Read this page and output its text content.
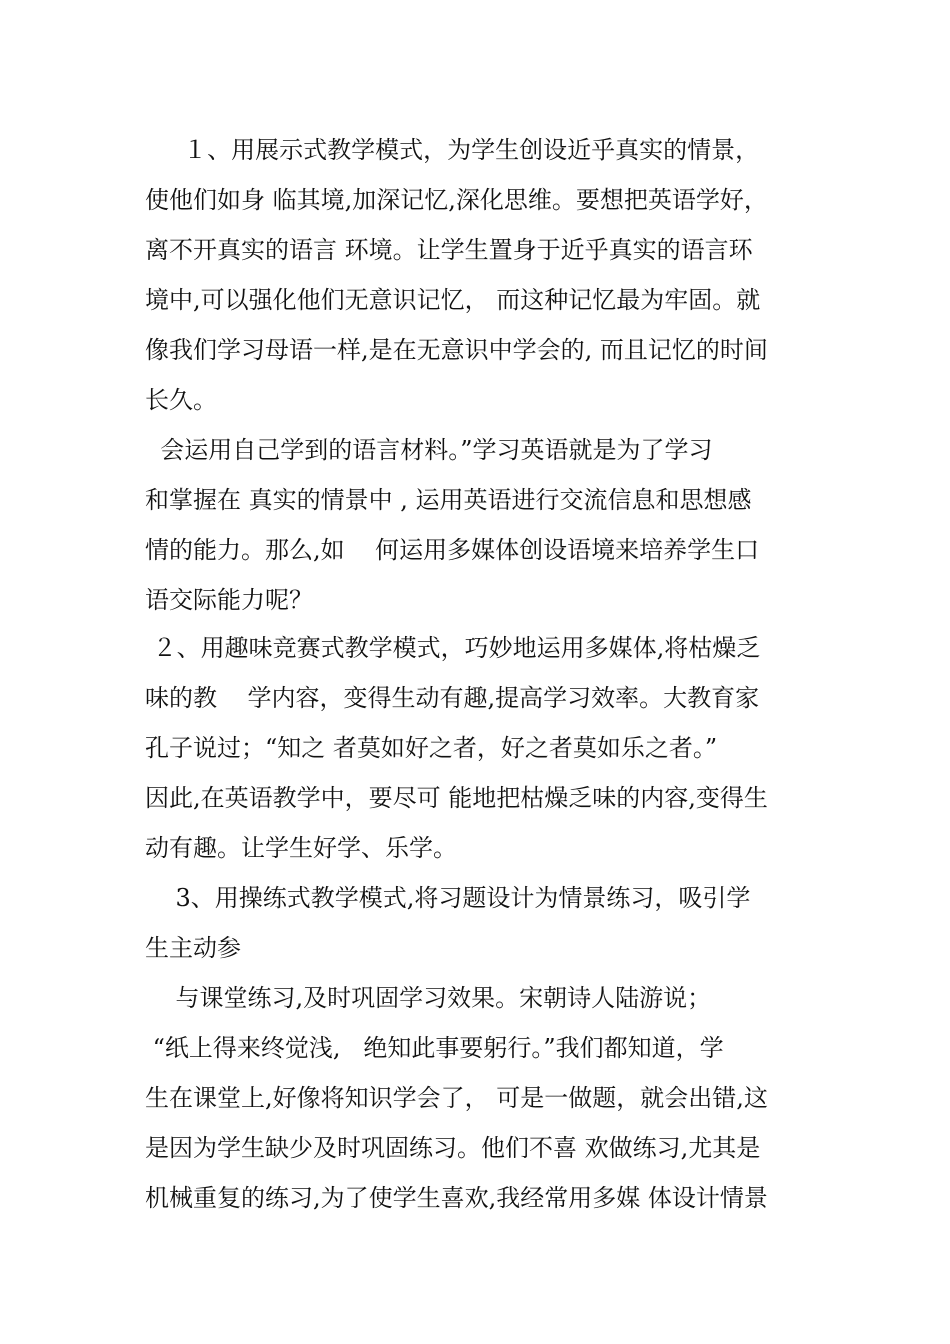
１、用展示式教学模式，为学生创设近乎真实的情景，
使他们如身 临其境,加深记忆,深化思维。要想把英语学好，
离不开真实的语言 环境。让学生置身于近乎真实的语言环
境中,可以强化他们无意识记忆， 而这种记忆最为牢固。就
像我们学习母语一样,是在无意识中学会的, 而且记忆的时间
长久。
会运用自己学到的语言材料。”学习英语就是为了学习
和掌握在 真实的情景中 , 运用英语进行交流信息和思想感
情的能力。那么,如    何运用多媒体创设语境来培养学生口
语交际能力呢？
２、用趣味竞赛式教学模式，巧妙地运用多媒体,将枯燥乏
味的教    学内容，变得生动有趣,提高学习效率。大教育家
孔子说过；“知之 者莫如好之者，好之者莫如乐之者。”
因此,在英语教学中，要尽可 能地把枯燥乏味的内容,变得生
动有趣。让学生好学、乐学。
3、用操练式教学模式,将习题设计为情景练习，吸引学
生主动参
与课堂练习,及时巩固学习效果。宋朝诗人陆游说；
“纸上得来终觉浅,   绝知此事要躬行。”我们都知道，学
生在课堂上,好像将知识学会了， 可是一做题，就会出错,这
是因为学生缺少及时巩固练习。他们不喜 欢做练习,尤其是
机械重复的练习,为了使学生喜欢,我经常用多媒 体设计情景
